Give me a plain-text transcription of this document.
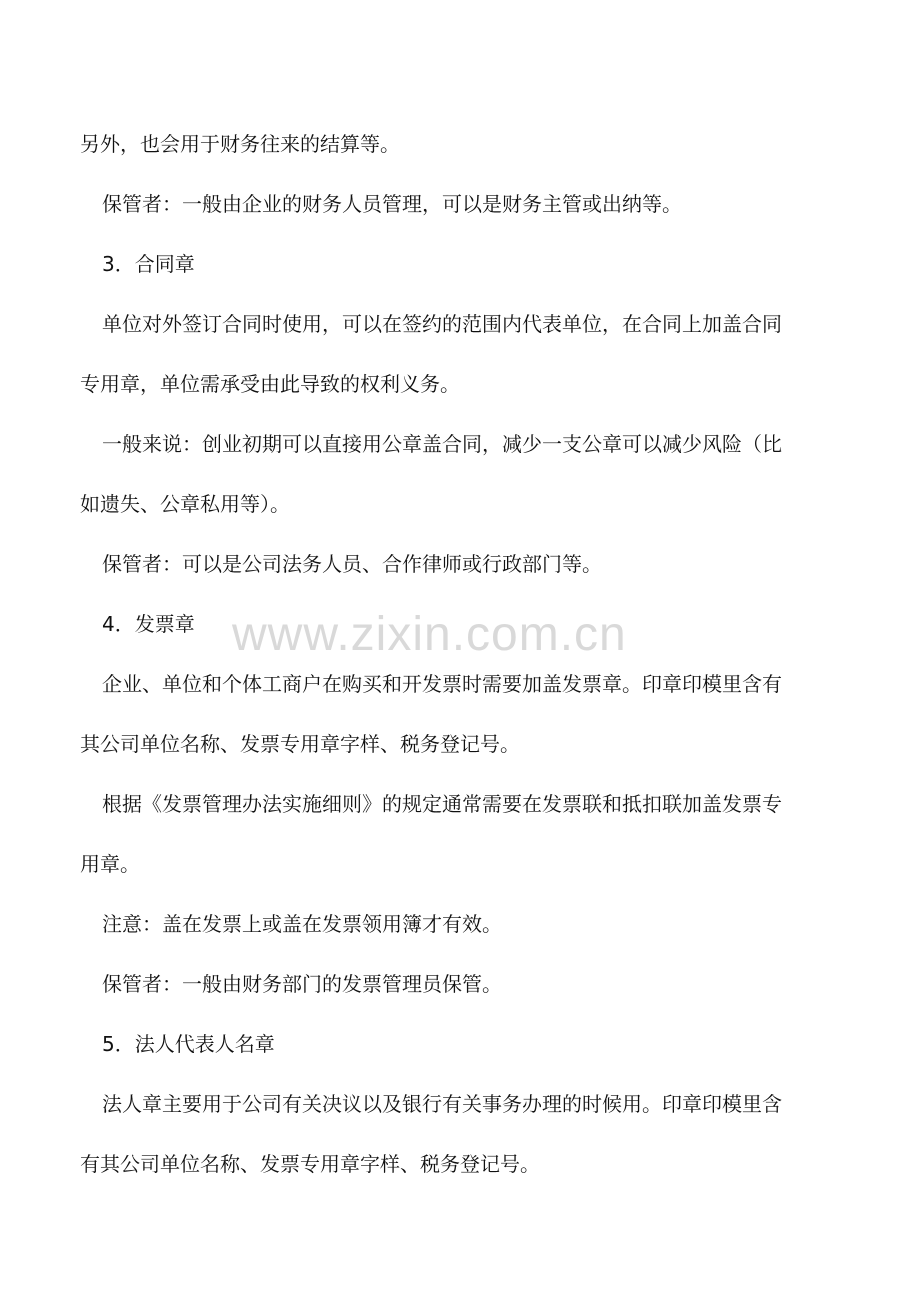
www.zixin.com.cn
另外，也会用于财务往来的结算等。
保管者：一般由企业的财务人员管理，可以是财务主管或出纳等。
3．合同章
单位对外签订合同时使用，可以在签约的范围内代表单位，在合同上加盖合同
专用章，单位需承受由此导致的权利义务。
一般来说：创业初期可以直接用公章盖合同，减少一支公章可以减少风险（比
如遗失、公章私用等）。
保管者：可以是公司法务人员、合作律师或行政部门等。
4．发票章
企业、单位和个体工商户在购买和开发票时需要加盖发票章。印章印模里含有
其公司单位名称、发票专用章字样、税务登记号。
根据《发票管理办法实施细则》的规定通常需要在发票联和抵扣联加盖发票专
用章。
注意：盖在发票上或盖在发票领用簿才有效。
保管者：一般由财务部门的发票管理员保管。
5．法人代表人名章
法人章主要用于公司有关决议以及银行有关事务办理的时候用。印章印模里含
有其公司单位名称、发票专用章字样、税务登记号。
